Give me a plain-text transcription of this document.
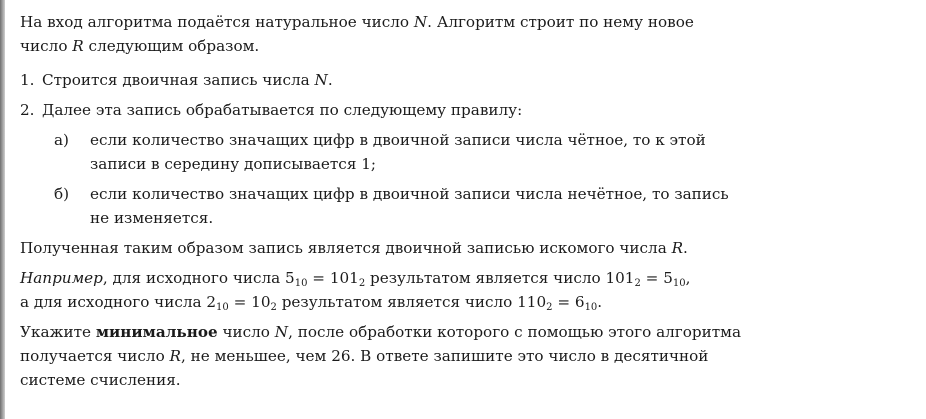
На вход алгоритма подаётся натуральное число N. Алгоритм строит по нему новое
число R следующим образом.
1. Строится двоичная запись числа N.
2. Далее эта запись обрабатывается по следующему правилу:
а) если количество значащих цифр в двоичной записи числа чётное, то к этой
записи в середину дописывается 1;
б) если количество значащих цифр в двоичной записи числа нечётное, то запись
не изменяется.
Полученная таким образом запись является двоичной записью искомого числа R.
Например, для исходного числа $5_{10} = 101_2$ результатом является число $101_2 = 5_{10}$,
а для исходного числа $2_{10} = 10_2$ результатом является число $110_2 = 6_{10}$.
Укажите минимальное число N, после обработки которого с помощью этого алгоритма
получается число R, не меньшее, чем 26. В ответе запишите это число в десятичной
системе счисления.
